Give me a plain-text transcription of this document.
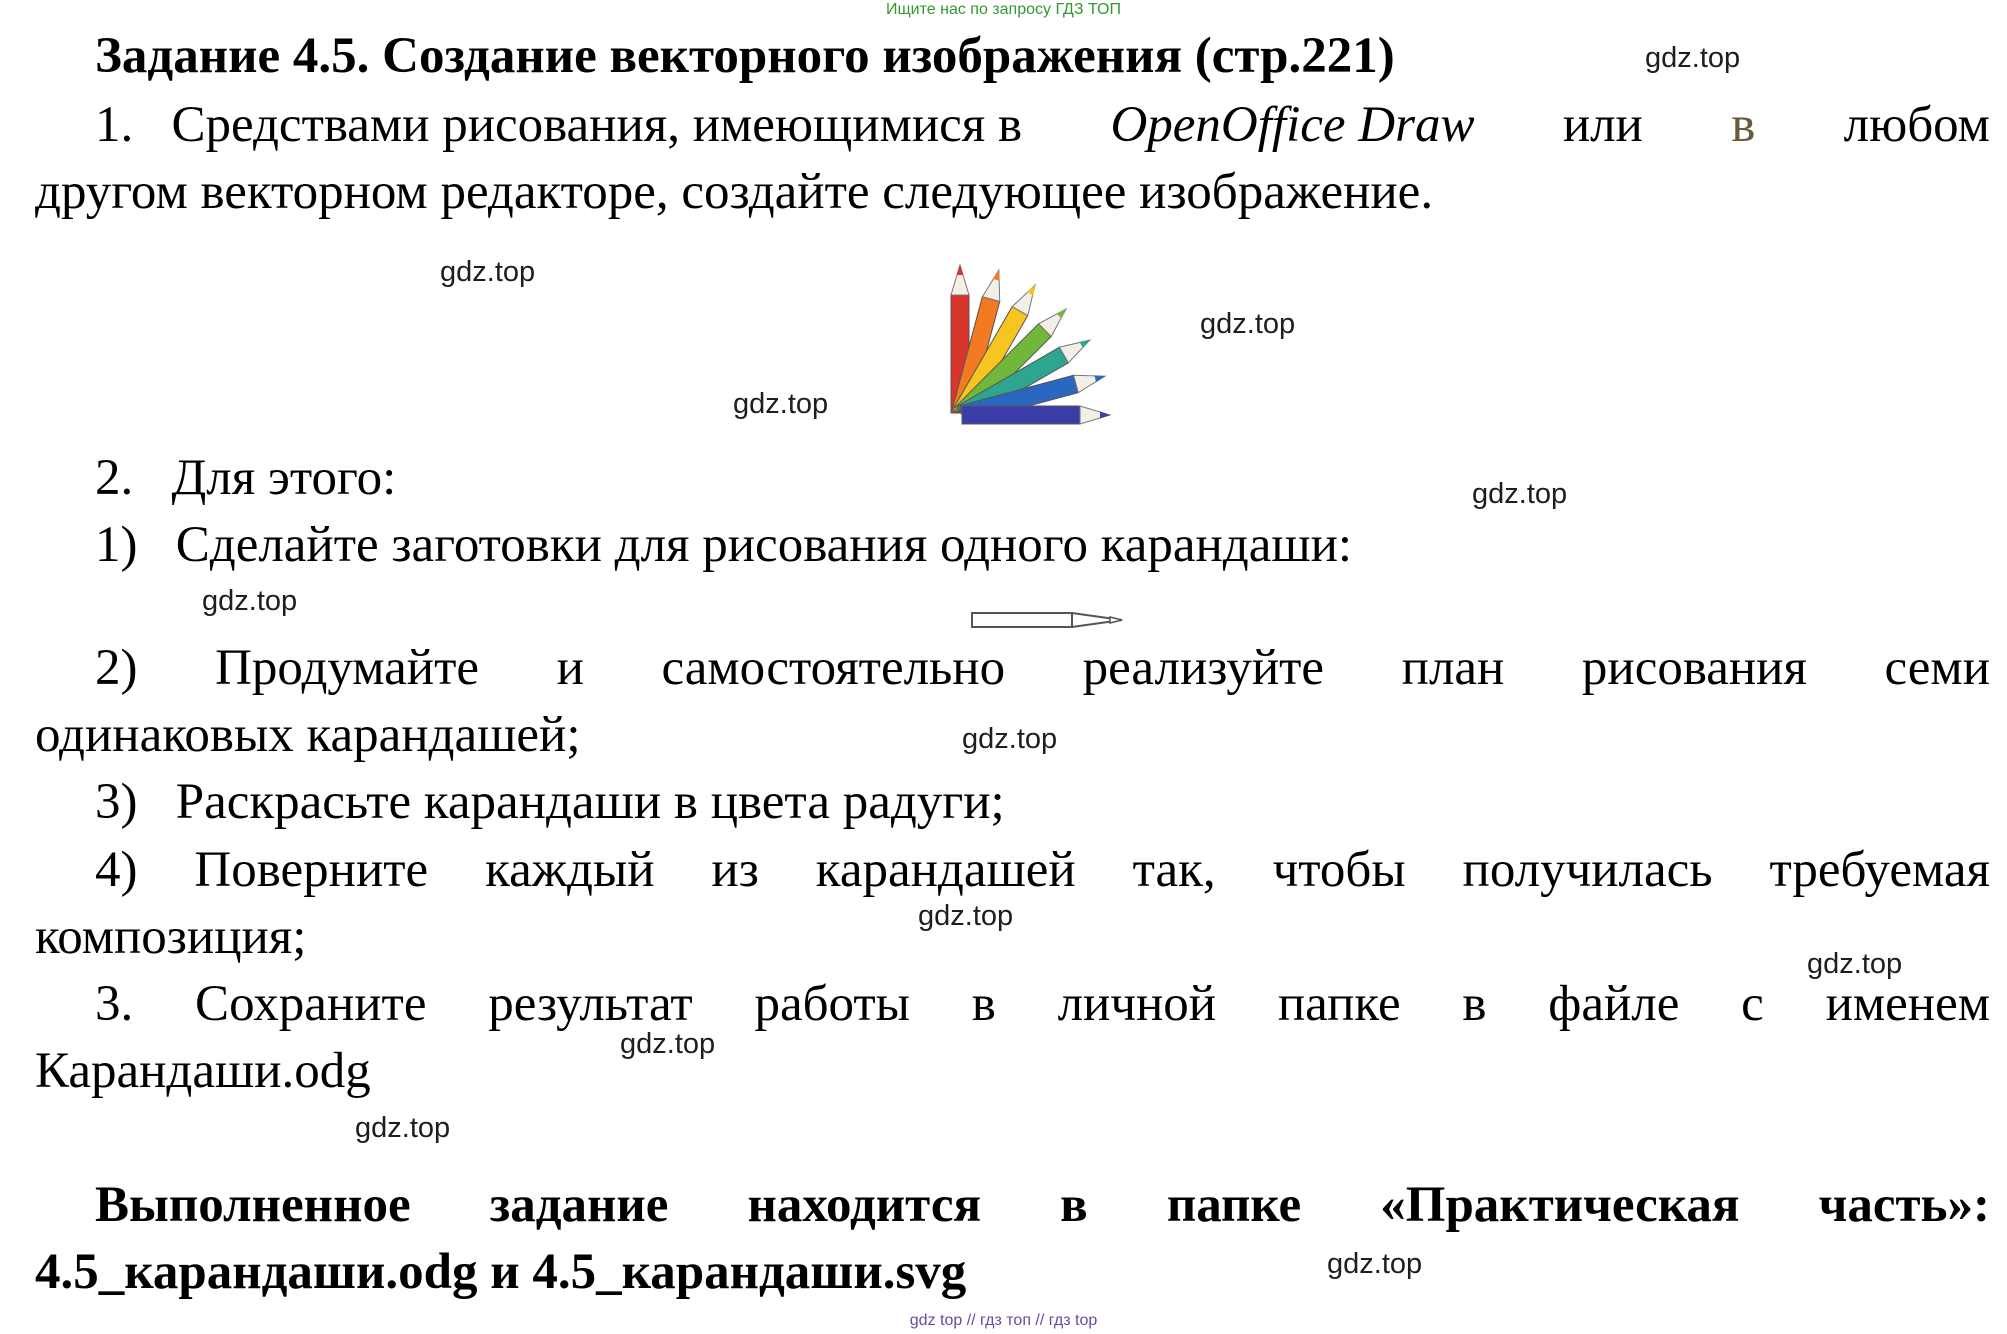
Ищите нас по запросу ГДЗ ТОП
Задание 4.5. Создание векторного изображения (стр.221)
1.   Средствами рисования, имеющимися в OpenOffice Draw или в любом
другом векторном редакторе, создайте следующее изображение.
2.   Для этого:
1)   Сделайте заготовки для рисования одного карандаши:
2) Продумайте и самостоятельно реализуйте план рисования семи
одинаковых карандашей;
3)   Раскрасьте карандаши в цвета радуги;
4) Поверните каждый из карандашей так, чтобы получилась требуемая
композиция;
3. Сохраните результат работы в личной папке в файле с именем
Карандаши.odg
Выполненное задание находится в папке «Практическая часть»:
4.5_карандаши.odg и 4.5_карандаши.svg
gdz.top
gdz.top
gdz.top
gdz.top
gdz.top
gdz.top
gdz.top
gdz.top
gdz.top
gdz.top
gdz.top
gdz.top
gdz top // гдз топ // гдз top
